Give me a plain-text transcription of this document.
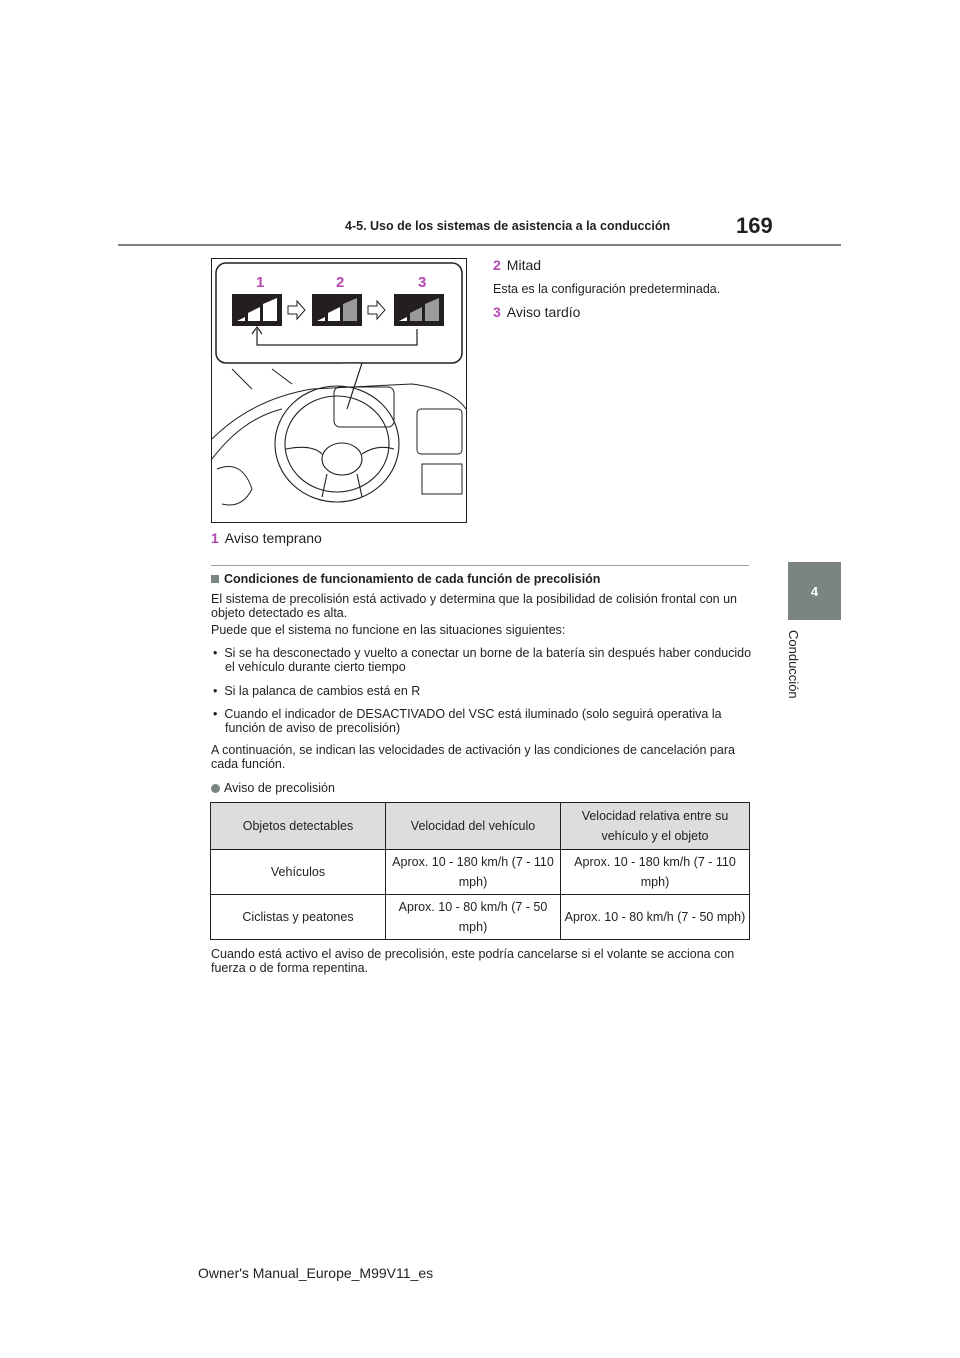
4-5. Uso de los sistemas de asistencia a la conducción	169
4
Conducción
1	2	3
1 Aviso temprano
2 Mitad
Esta es la configuración predeterminada.
3 Aviso tardío
Condiciones de funcionamiento de cada función de precolisión
El sistema de precolisión está activado y determina que la posibilidad de colisión frontal con un objeto detectado es alta.
Puede que el sistema no funcione en las situaciones siguientes:
•  Si se ha desconectado y vuelto a conectar un borne de la batería sin después haber conducido el vehículo durante cierto tiempo
•  Si la palanca de cambios está en R
•  Cuando el indicador de DESACTIVADO del VSC está iluminado (solo seguirá operativa la función de aviso de precolisión)
A continuación, se indican las velocidades de activación y las condiciones de cancelación para cada función.
Aviso de precolisión
Objetos detectables	Velocidad del vehículo	Velocidad relativa entre su vehículo y el objeto
Vehículos	Aprox. 10 - 180 km/h (7 - 110 mph)	Aprox. 10 - 180 km/h (7 - 110 mph)
Ciclistas y peatones	Aprox. 10 - 80 km/h (7 - 50 mph)	Aprox. 10 - 80 km/h (7 - 50 mph)
Cuando está activo el aviso de precolisión, este podría cancelarse si el volante se acciona con fuerza o de forma repentina.
Owner's Manual_Europe_M99V11_es
